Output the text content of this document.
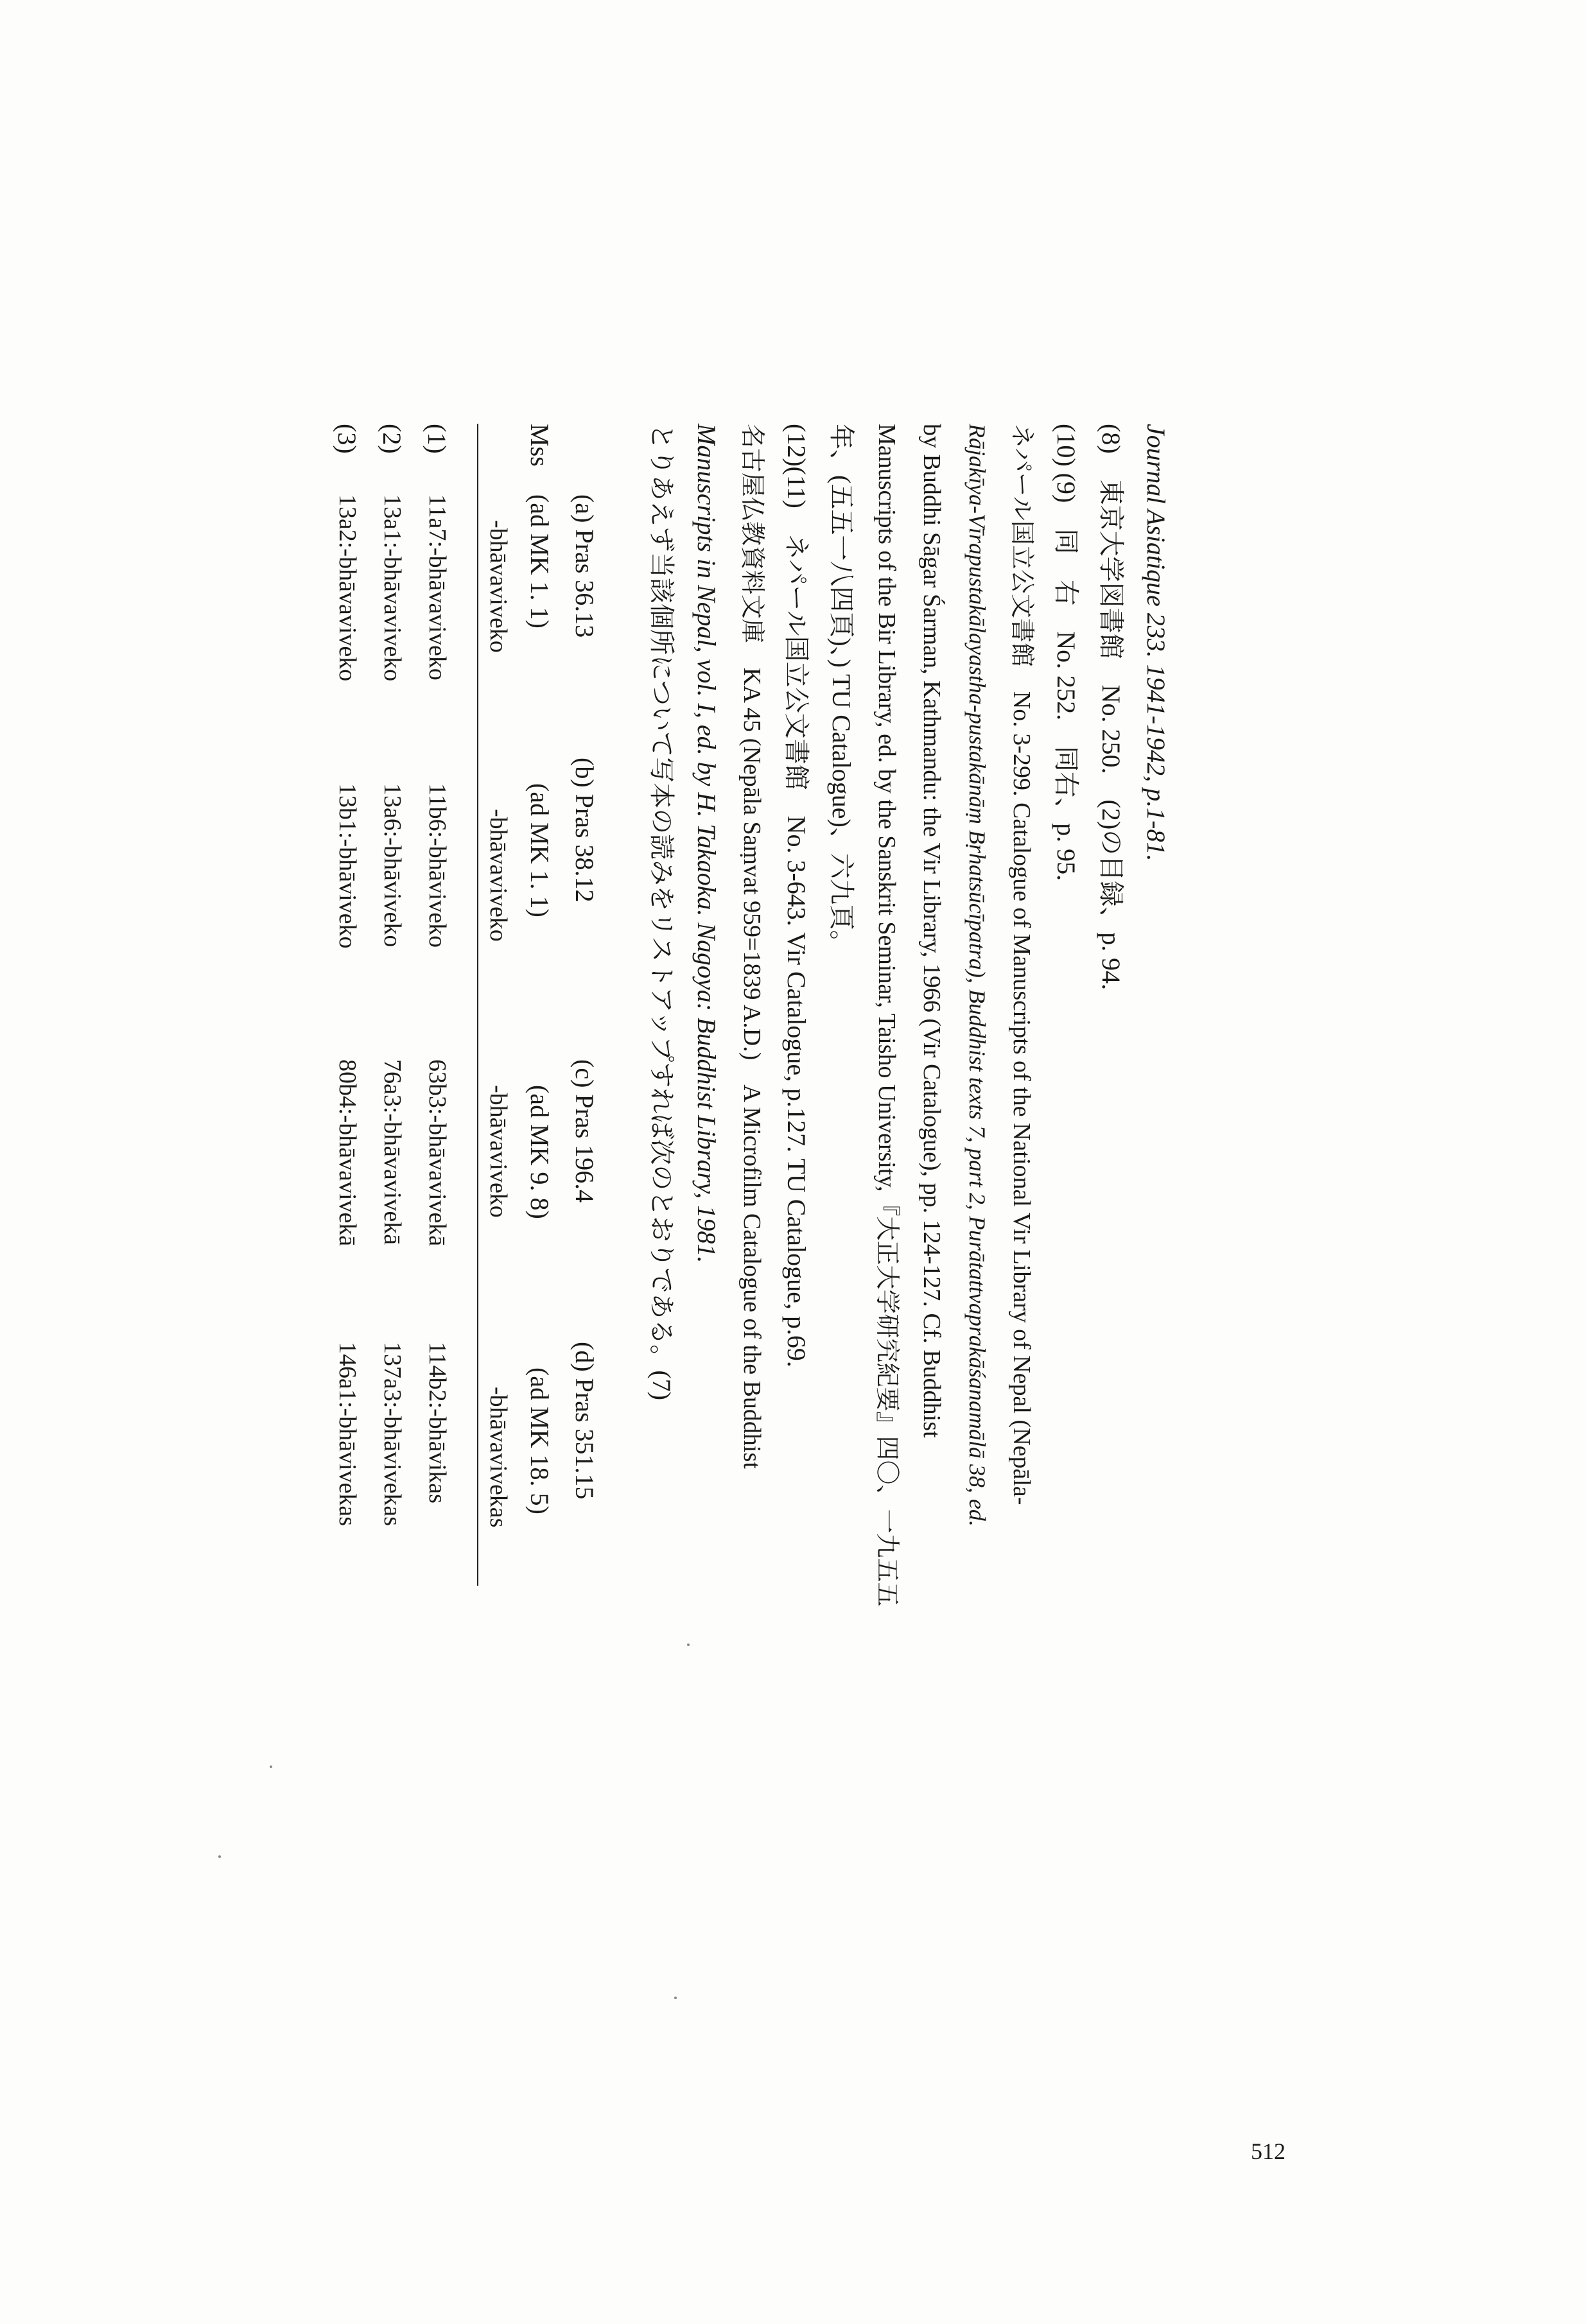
Journal Asiatique 233. 1941-1942, p.1-81.
(8)　東京大学図書館　No. 250.　(2)の目録、p. 94.
(10) (9)　同　右　No. 252.　同右、p. 95.
ネパール国立公文書館　No. 3-299. Catalogue of Manuscripts of the National Vir Library of Nepal (Nepāla-
Rājakīya-Vīrapustakālayastha-pustakānāṃ Bṛhatsūcīpatra), Buddhist texts 7, part 2, Purātattvaprakāśanamālā 38, ed.
by Buddhi Sāgar Śarman, Kathmandu: the Vir Library, 1966 (Vir Catalogue), pp. 124-127. Cf. Buddhist
Manuscripts of the Bir Library, ed. by the Sanskrit Seminar, Taisho University,『大正大学研究紀要』四〇、一九五五
年、(五五一八四頁)、) TU Catalogue)、六九頁。
(12)(11)　ネパール国立公文書館　No. 3-643. Vir Catalogue, p.127. TU Catalogue, p.69.
名古屋仏教資料文庫　KA 45 (Nepāla Saṃvat 959=1839 A.D.)　A Microfilm Catalogue of the Buddhist
Manuscripts in Nepal, vol. I, ed. by H. Takaoka. Nagoya: Buddhist Library, 1981.
とりあえず当該個所について写本の読みをリストアップすれば次のとおりである。(7)
(a) Pras 36.13
(b) Pras 38.12
(c) Pras 196.4
(d) Pras 351.15
Mss
(ad MK 1. 1)
(ad MK 1. 1)
(ad MK 9. 8)
(ad MK 18. 5)
-bhāvaviveko
-bhāvaviveko
-bhāvaviveko
-bhāvavivekas
(1)
11a7:-bhāvaviveko
11b6:-bhāviveko
63b3:-bhāvavivekā
114b2:-bhāvikas
(2)
13a1:-bhāvaviveko
13a6:-bhāviveko
76a3:-bhāvavivekā
137a3:-bhāvivekas
(3)
13a2:-bhāvaviveko
13b1:-bhāviveko
80b4:-bhāvavivekā
146a1:-bhāvivekas
512
